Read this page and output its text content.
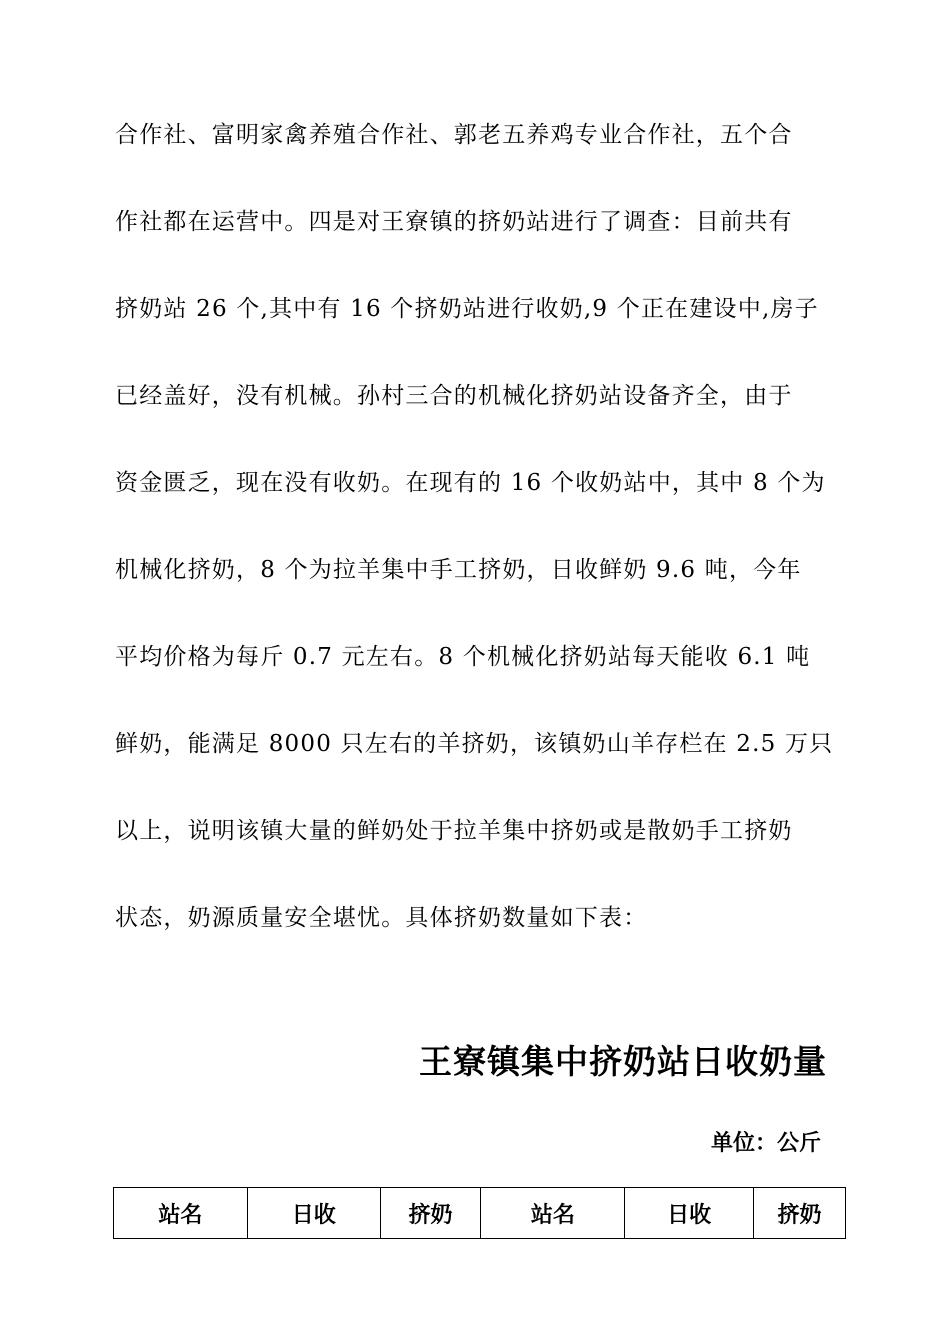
合作社、富明家禽养殖合作社、郭老五养鸡专业合作社，五个合
作社都在运营中。四是对王寮镇的挤奶站进行了调查：目前共有
挤奶站 26 个,其中有 16 个挤奶站进行收奶,9 个正在建设中,房子
已经盖好，没有机械。孙村三合的机械化挤奶站设备齐全，由于
资金匮乏，现在没有收奶。在现有的 16 个收奶站中，其中 8 个为
机械化挤奶，8 个为拉羊集中手工挤奶，日收鲜奶 9.6 吨，今年
平均价格为每斤 0.7 元左右。8 个机械化挤奶站每天能收 6.1 吨
鲜奶，能满足 8000 只左右的羊挤奶，该镇奶山羊存栏在 2.5 万只
以上，说明该镇大量的鲜奶处于拉羊集中挤奶或是散奶手工挤奶
状态，奶源质量安全堪忧。具体挤奶数量如下表：
王寮镇集中挤奶站日收奶量
单位：公斤
站名	日收	挤奶	站名	日收	挤奶
